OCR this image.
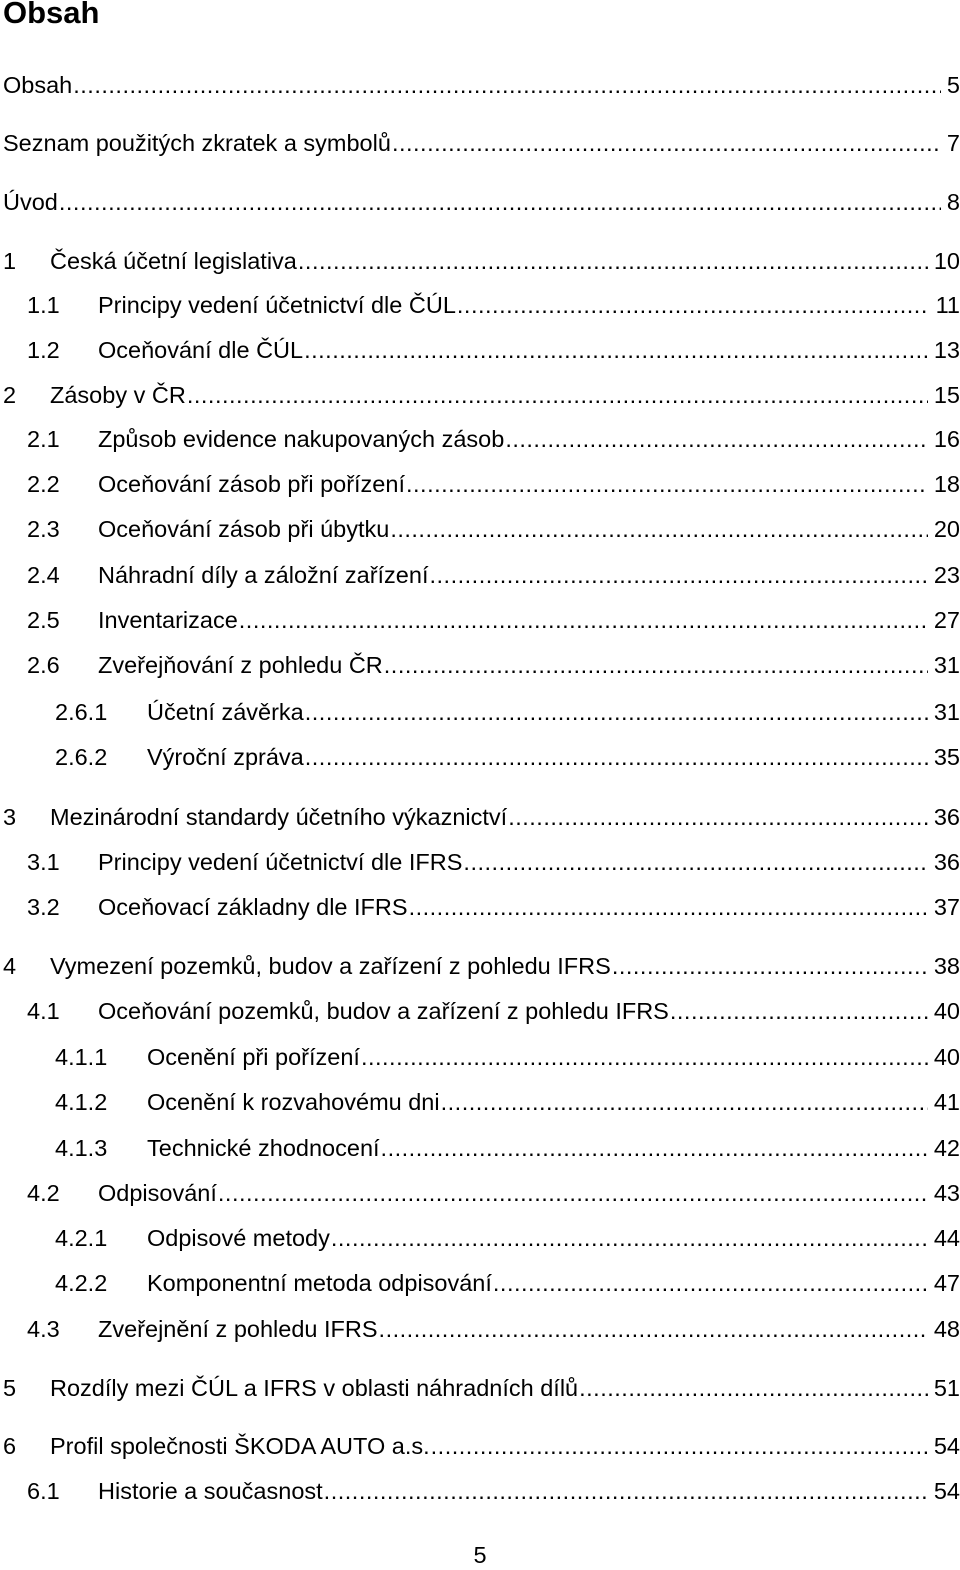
Obsah
Obsah .....	5
Seznam použitých zkratek a symbolů .....	7
Úvod .....	8
1 Česká účetní legislativa .....	10
1.1 Principy vedení účetnictví dle ČÚL .....	11
1.2 Oceňování dle ČÚL .....	13
2 Zásoby v ČR .....	15
2.1 Způsob evidence nakupovaných zásob .....	16
2.2 Oceňování zásob při pořízení .....	18
2.3 Oceňování zásob při úbytku .....	20
2.4 Náhradní díly a záložní zařízení .....	23
2.5 Inventarizace .....	27
2.6 Zveřejňování z pohledu ČR .....	31
2.6.1 Účetní závěrka .....	31
2.6.2 Výroční zpráva .....	35
3 Mezinárodní standardy účetního výkaznictví .....	36
3.1 Principy vedení účetnictví dle IFRS .....	36
3.2 Oceňovací základny dle IFRS .....	37
4 Vymezení pozemků, budov a zařízení z pohledu IFRS .....	38
4.1 Oceňování pozemků, budov a zařízení z pohledu IFRS .....	40
4.1.1 Ocenění při pořízení .....	40
4.1.2 Ocenění k rozvahovému dni .....	41
4.1.3 Technické zhodnocení .....	42
4.2 Odpisování .....	43
4.2.1 Odpisové metody .....	44
4.2.2 Komponentní metoda odpisování .....	47
4.3 Zveřejnění z pohledu IFRS .....	48
5 Rozdíly mezi ČÚL a IFRS v oblasti náhradních dílů .....	51
6 Profil společnosti ŠKODA AUTO a.s. .....	54
6.1 Historie a současnost .....	54
5
